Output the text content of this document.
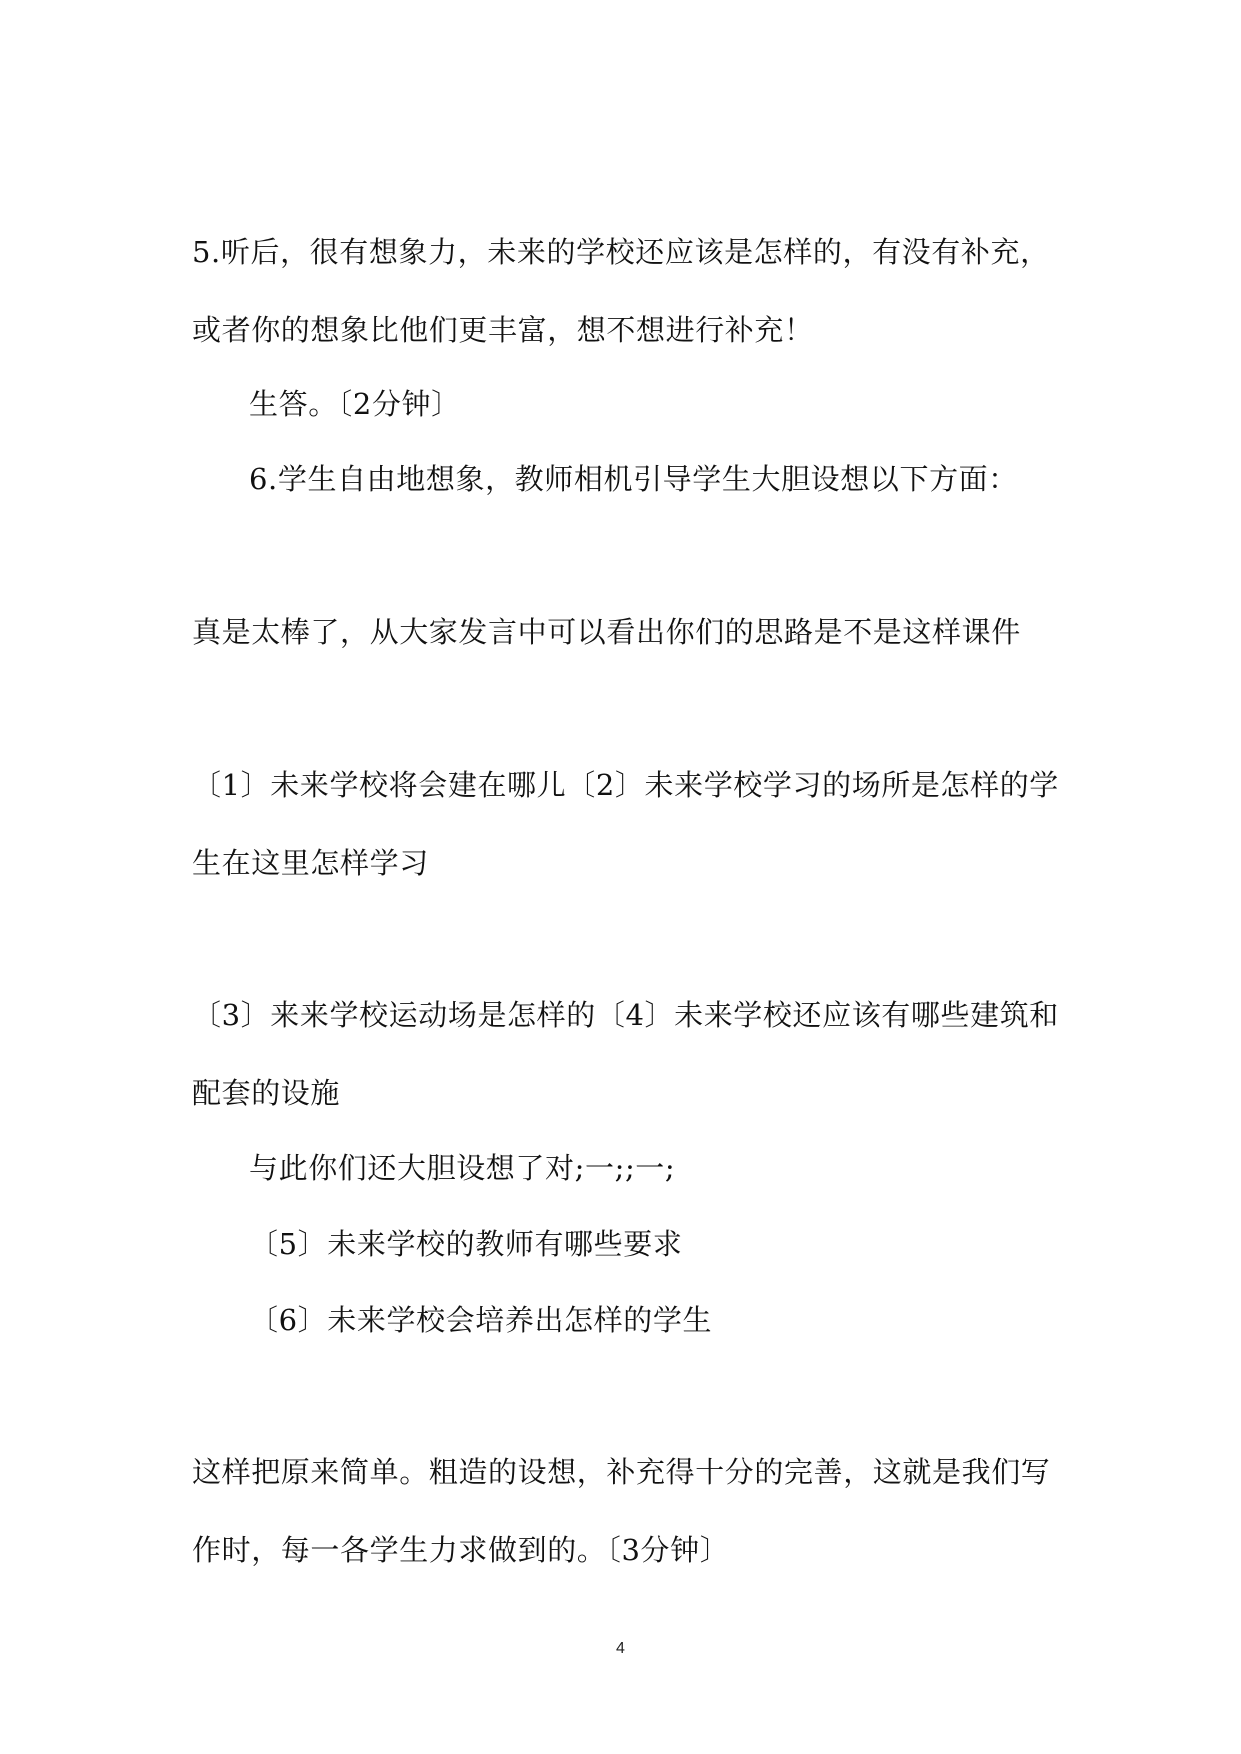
5.听后，很有想象力，未来的学校还应该是怎样的，有没有补充，
或者你的想象比他们更丰富，想不想进行补充！
生答。〔2分钟〕
6.学生自由地想象，教师相机引导学生大胆设想以下方面：
真是太棒了，从大家发言中可以看出你们的思路是不是这样课件
〔1〕未来学校将会建在哪儿〔2〕未来学校学习的场所是怎样的学
生在这里怎样学习
〔3〕来来学校运动场是怎样的〔4〕未来学校还应该有哪些建筑和
配套的设施
与此你们还大胆设想了对;一;;一;
〔5〕未来学校的教师有哪些要求
〔6〕未来学校会培养出怎样的学生
这样把原来简单。粗造的设想，补充得十分的完善，这就是我们写
作时，每一各学生力求做到的。〔3分钟〕
4
